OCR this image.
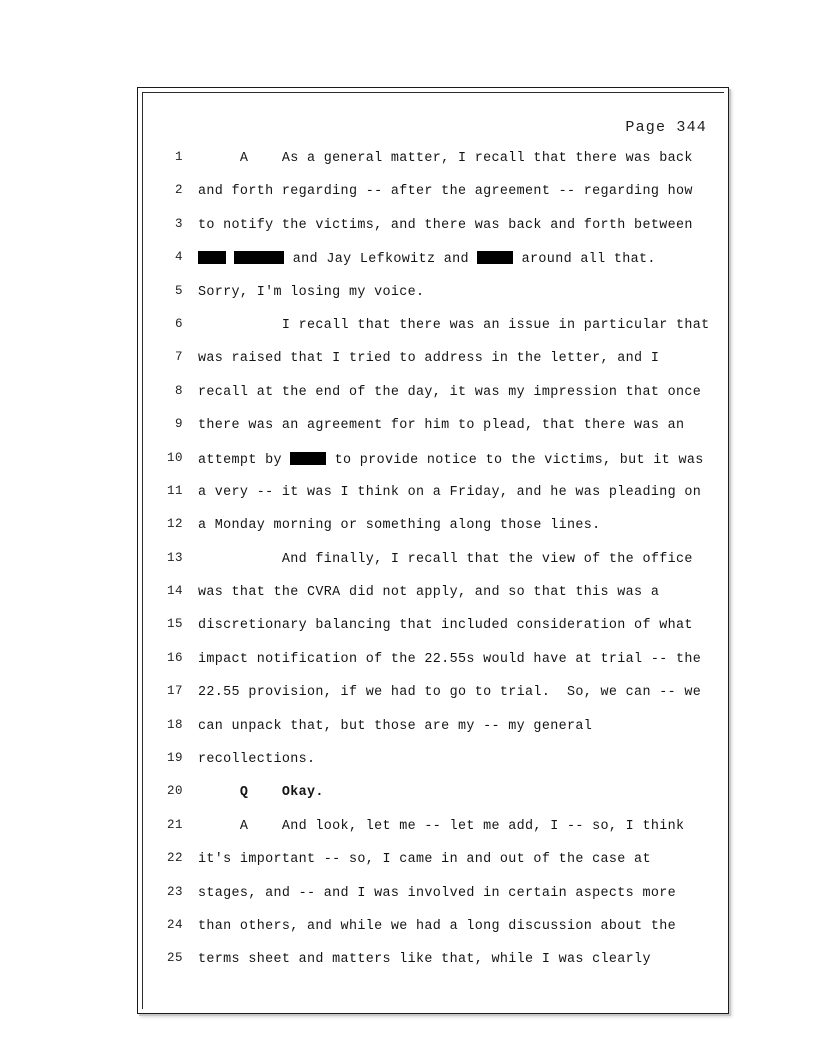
Page 344
1 A    As a general matter, I recall that there was back
2 and forth regarding -- after the agreement -- regarding how
3 to notify the victims, and there was back and forth between
4	and Jay Lefkowitz and	around all that.
5 Sorry, I'm losing my voice.
6 I recall that there was an issue in particular that
7 was raised that I tried to address in the letter, and I
8 recall at the end of the day, it was my impression that once
9 there was an agreement for him to plead, that there was an
10 attempt by	to provide notice to the victims, but it was
11 a very -- it was I think on a Friday, and he was pleading on
12 a Monday morning or something along those lines.
13 And finally, I recall that the view of the office
14 was that the CVRA did not apply, and so that this was a
15 discretionary balancing that included consideration of what
16 impact notification of the 22.55s would have at trial -- the
17 22.55 provision, if we had to go to trial.  So, we can -- we
18 can unpack that, but those are my -- my general
19 recollections.
20 Q    Okay.
21 A    And look, let me -- let me add, I -- so, I think
22 it's important -- so, I came in and out of the case at
23 stages, and -- and I was involved in certain aspects more
24 than others, and while we had a long discussion about the
25 terms sheet and matters like that, while I was clearly
